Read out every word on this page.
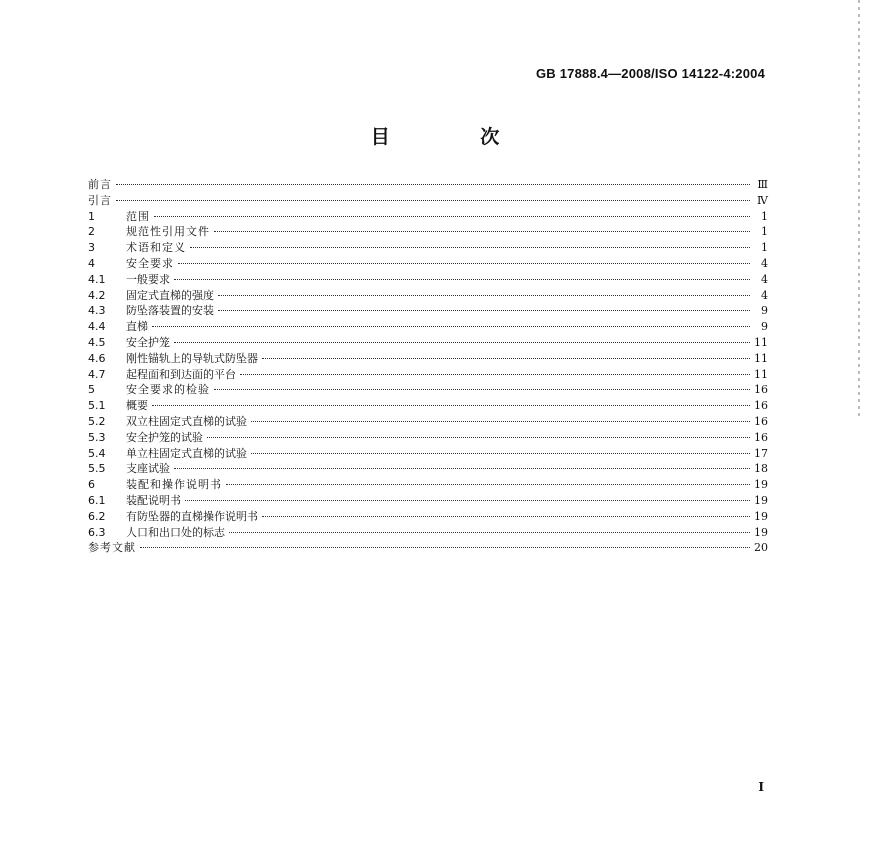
GB 17888.4—2008/ISO 14122-4:2004
目 次
前言	Ⅲ
引言	Ⅳ
1	范围	1
2	规范性引用文件	1
3	术语和定义	1
4	安全要求	4
4.1	一般要求	4
4.2	固定式直梯的强度	4
4.3	防坠落装置的安装	9
4.4	直梯	9
4.5	安全护笼	11
4.6	刚性锚轨上的导轨式防坠器	11
4.7	起程面和到达面的平台	11
5	安全要求的检验	16
5.1	概要	16
5.2	双立柱固定式直梯的试验	16
5.3	安全护笼的试验	16
5.4	单立柱固定式直梯的试验	17
5.5	支座试验	18
6	装配和操作说明书	19
6.1	装配说明书	19
6.2	有防坠器的直梯操作说明书	19
6.3	人口和出口处的标志	19
参考文献	20
I
